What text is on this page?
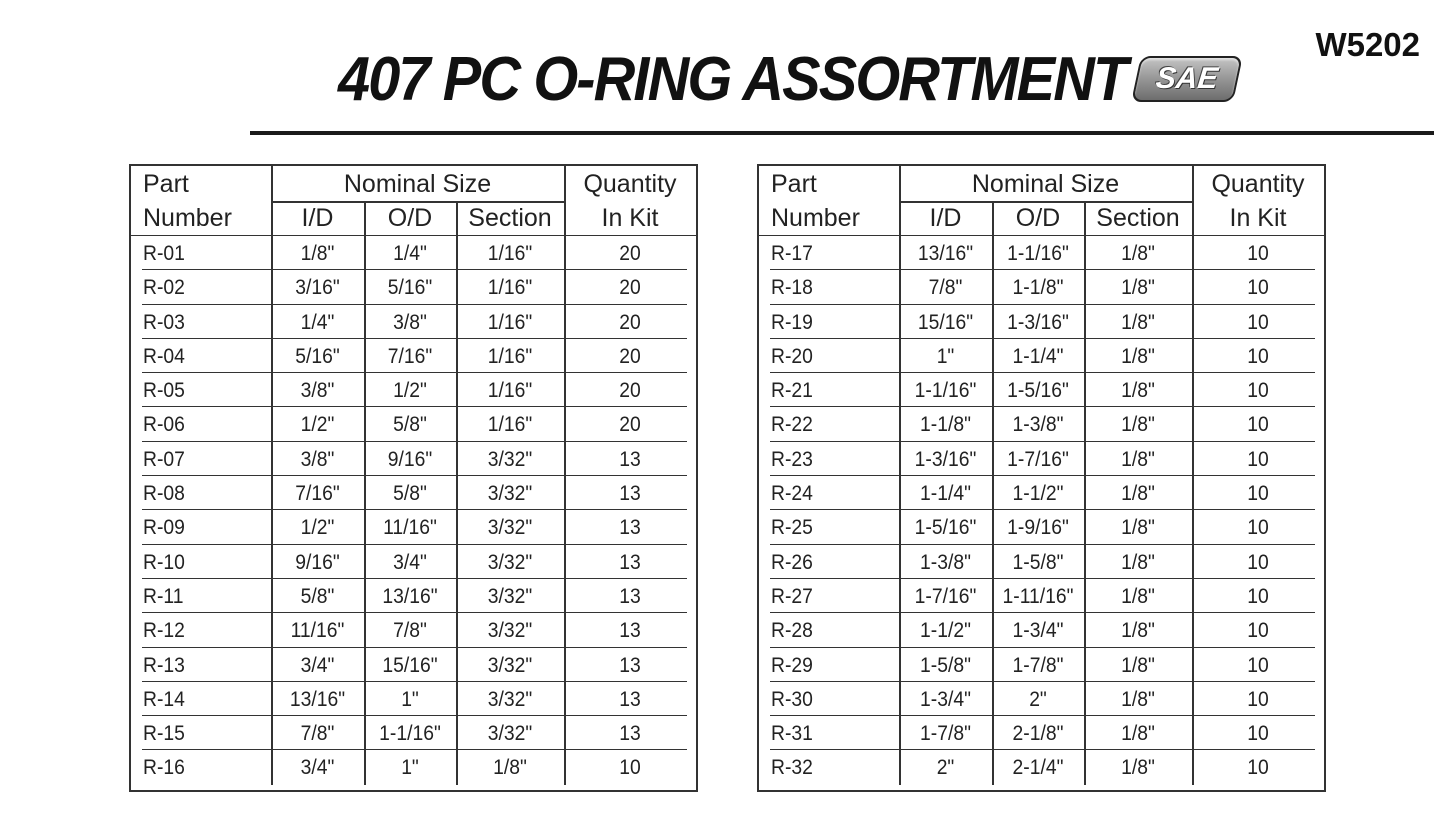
W5202
407 PC O-RING ASSORTMENT SAE
Part
Number
Nominal Size
I/D	O/D	Section
Quantity
In Kit
R-01	1/8"	1/4"	1/16"	20
R-02	3/16"	5/16"	1/16"	20
R-03	1/4"	3/8"	1/16"	20
R-04	5/16"	7/16"	1/16"	20
R-05	3/8"	1/2"	1/16"	20
R-06	1/2"	5/8"	1/16"	20
R-07	3/8"	9/16"	3/32"	13
R-08	7/16"	5/8"	3/32"	13
R-09	1/2"	11/16"	3/32"	13
R-10	9/16"	3/4"	3/32"	13
R-11	5/8"	13/16"	3/32"	13
R-12	11/16"	7/8"	3/32"	13
R-13	3/4"	15/16"	3/32"	13
R-14	13/16"	1"	3/32"	13
R-15	7/8"	1-1/16"	3/32"	13
R-16	3/4"	1"	1/8"	10
Part
Number
Nominal Size
I/D	O/D	Section
Quantity
In Kit
R-17	13/16"	1-1/16"	1/8"	10
R-18	7/8"	1-1/8"	1/8"	10
R-19	15/16"	1-3/16"	1/8"	10
R-20	1"	1-1/4"	1/8"	10
R-21	1-1/16"	1-5/16"	1/8"	10
R-22	1-1/8"	1-3/8"	1/8"	10
R-23	1-3/16"	1-7/16"	1/8"	10
R-24	1-1/4"	1-1/2"	1/8"	10
R-25	1-5/16"	1-9/16"	1/8"	10
R-26	1-3/8"	1-5/8"	1/8"	10
R-27	1-7/16"	1-11/16"	1/8"	10
R-28	1-1/2"	1-3/4"	1/8"	10
R-29	1-5/8"	1-7/8"	1/8"	10
R-30	1-3/4"	2"	1/8"	10
R-31	1-7/8"	2-1/8"	1/8"	10
R-32	2"	2-1/4"	1/8"	10
